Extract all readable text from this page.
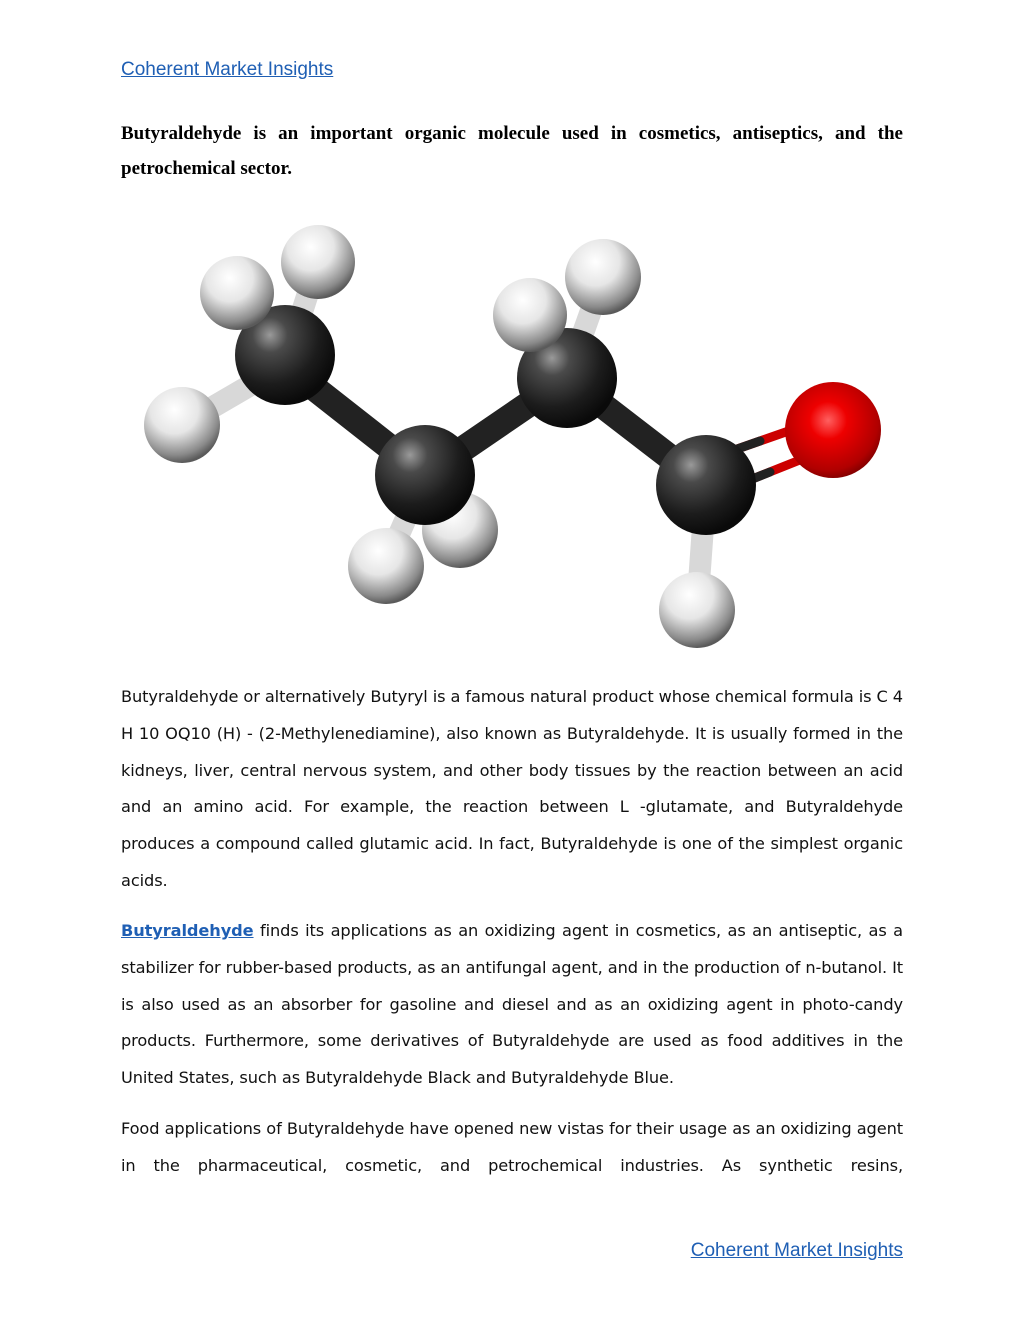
Coherent Market Insights

Butyraldehyde is an important organic molecule used in cosmetics, antiseptics, and the petrochemical sector.

Butyraldehyde or alternatively Butyryl is a famous natural product whose chemical formula is C 4 H 10 OQ10 (H) - (2-Methylenediamine), also known as Butyraldehyde. It is usually formed in the kidneys, liver, central nervous system, and other body tissues by the reaction between an acid and an amino acid. For example, the reaction between L -glutamate, and Butyraldehyde produces a compound called glutamic acid. In fact, Butyraldehyde is one of the simplest organic acids.

Butyraldehyde finds its applications as an oxidizing agent in cosmetics, as an antiseptic, as a stabilizer for rubber-based products, as an antifungal agent, and in the production of n-butanol. It is also used as an absorber for gasoline and diesel and as an oxidizing agent in photo-candy products. Furthermore, some derivatives of Butyraldehyde are used as food additives in the United States, such as Butyraldehyde Black and Butyraldehyde Blue.

Food applications of Butyraldehyde have opened new vistas for their usage as an oxidizing agent in the pharmaceutical, cosmetic, and petrochemical industries. As synthetic resins,

Coherent Market Insights
